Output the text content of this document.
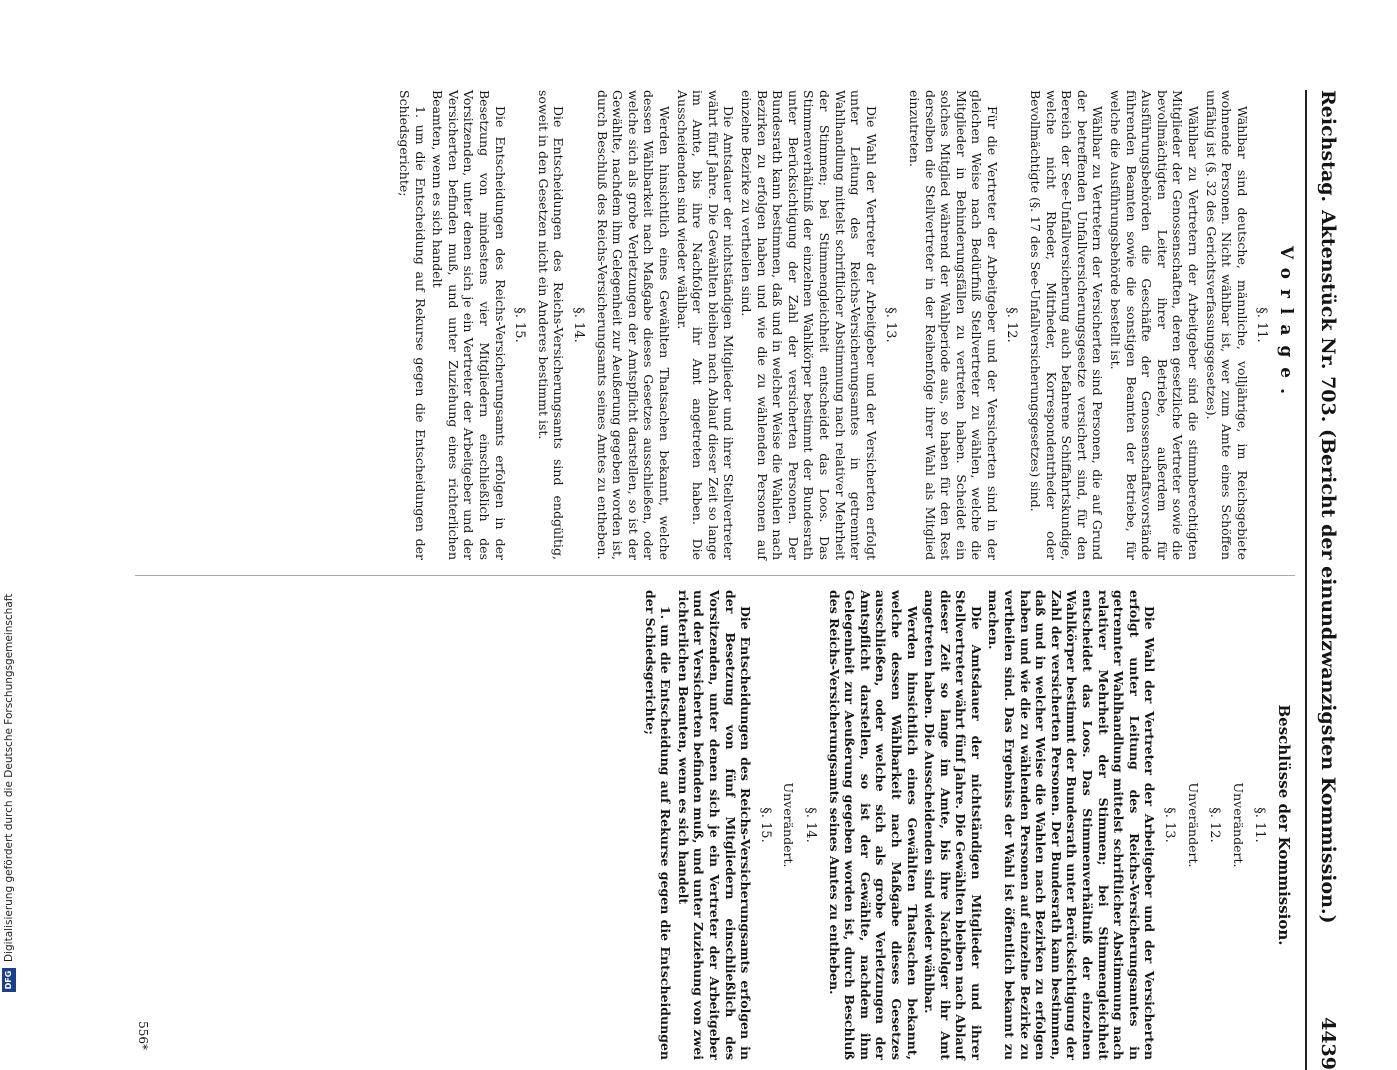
Reichstag.
Aktenstück Nr. 703. (Bericht der einundzwanzigsten Kommission.)
4439
Vorlage.
§. 11.

Wählbar sind deutsche, männliche, volljährige, im Reichsgebiete wohnende Personen. Nicht wählbar ist, wer zum Amte eines Schöffen unfähig ist (§. 32 des Gerichtsverfassungsgesetzes).

Wählbar zu Vertretern der Arbeitgeber sind die stimmberechtigten Mitglieder der Genossenschaften, deren gesetzliche Vertreter sowie die bevollmächtigten Leiter ihrer Betriebe, außerdem für Ausführungsbehörden die Geschäfte der Genossenschaftsvorstände führenden Beamten sowie die sonstigen Beamten der Betriebe, für welche die Ausführungsbehörde bestellt ist.

Wählbar zu Vertretern der Versicherten sind Personen, die auf Grund der betreffenden Unfallversicherungsgesetze versichert sind, für den Bereich der See-Unfallversicherung auch befahrene Schiffahrtskundige, welche nicht Rheder, Mitrheder, Korrespondentrheder oder Bevollmächtigte (§. 17 des See-Unfallversicherungsgesetzes) sind.

§. 12.

Für die Vertreter der Arbeitgeber und der Versicherten sind in der gleichen Weise nach Bedürfniß Stellvertreter zu wählen, welche die Mitglieder in Behinderungsfällen zu vertreten haben. Scheidet ein solches Mitglied während der Wahlperiode aus, so haben für den Rest derselben die Stellvertreter in der Reihenfolge ihrer Wahl als Mitglied einzutreten.

§. 13.

Die Wahl der Vertreter der Arbeitgeber und der Versicherten erfolgt unter Leitung des Reichs-Versicherungsamtes in getrennter Wahlhandlung mittelst schriftlicher Abstimmung nach relativer Mehrheit der Stimmen; bei Stimmengleichheit entscheidet das Loos. Das Stimmenverhältniß der einzelnen Wahlkörper bestimmt der Bundesrath unter Berücksichtigung der Zahl der versicherten Personen. Der Bundesrath kann bestimmen, daß und in welcher Weise die Wahlen nach Bezirken zu erfolgen haben und wie die zu wählenden Personen auf einzelne Bezirke zu vertheilen sind.

Die Amtsdauer der nichtständigen Mitglieder und ihrer Stellvertreter währt fünf Jahre. Die Gewählten bleiben nach Ablauf dieser Zeit so lange im Amte, bis ihre Nachfolger ihr Amt angetreten haben. Die Ausscheidenden sind wieder wählbar.

Werden hinsichtlich eines Gewählten Thatsachen bekannt, welche dessen Wählbarkeit nach Maßgabe dieses Gesetzes ausschließen, oder welche sich als grobe Verletzungen der Amtspflicht darstellen, so ist der Gewählte, nachdem ihm Gelegenheit zur Aeußerung gegeben worden ist, durch Beschluß des Reichs-Versicherungsamts seines Amtes zu entheben.

§. 14.

Die Entscheidungen des Reichs-Versicherungsamts sind endgültig, soweit in den Gesetzen nicht ein Anderes bestimmt ist.

§. 15.

Die Entscheidungen des Reichs-Versicherungsamts erfolgen in der Besetzung von mindestens vier Mitgliedern einschließlich des Vorsitzenden, unter denen sich je ein Vertreter der Arbeitgeber und der Versicherten befinden muß, und unter Zuziehung eines richterlichen Beamten, wenn es sich handelt

1. um die Entscheidung auf Rekurse gegen die Entscheidungen der Schiedsgerichte;

Beschlüsse der Kommission.
§. 11.
Unverändert.
§. 12.
Unverändert.
§. 13.

Die Wahl der Vertreter der Arbeitgeber und der Versicherten erfolgt unter Leitung des Reichs-Versicherungsamtes in getrennter Wahlhandlung mittelst schriftlicher Abstimmung nach relativer Mehrheit der Stimmen; bei Stimmengleichheit entscheidet das Loos. Das Stimmenverhältniß der einzelnen Wahlkörper bestimmt der Bundesrath unter Berücksichtigung der Zahl der versicherten Personen. Der Bundesrath kann bestimmen, daß und in welcher Weise die Wahlen nach Bezirken zu erfolgen haben und wie die zu wählenden Personen auf einzelne Bezirke zu vertheilen sind. Das Ergebniss der Wahl ist öffentlich bekannt zu machen.

Die Amtsdauer der nichtständigen Mitglieder und ihrer Stellvertreter währt fünf Jahre. Die Gewählten bleiben nach Ablauf dieser Zeit so lange im Amte, bis ihre Nachfolger ihr Amt angetreten haben. Die Ausscheidenden sind wieder wählbar.

Werden hinsichtlich eines Gewählten Thatsachen bekannt, welche dessen Wählbarkeit nach Maßgabe dieses Gesetzes ausschließen, oder welche sich als grobe Verletzungen der Amtspflicht darstellen, so ist der Gewählte, nachdem ihm Gelegenheit zur Aeußerung gegeben worden ist, durch Beschluß des Reichs-Versicherungsamts seines Amtes zu entheben.

§. 14.
Unverändert.
§. 15.

Die Entscheidungen des Reichs-Versicherungsamts erfolgen in der Besetzung von fünf Mitgliedern einschließlich des Vorsitzenden, unter denen sich je ein Vertreter der Arbeitgeber und der Versicherten befinden muß, und unter Zuziehung von zwei richterlichen Beamten, wenn es sich handelt

1. um die Entscheidung auf Rekurse gegen die Entscheidungen der Schiedsgerichte;

556*
DFG
Digitalisierung gefördert durch die Deutsche Forschungsgemeinschaft
